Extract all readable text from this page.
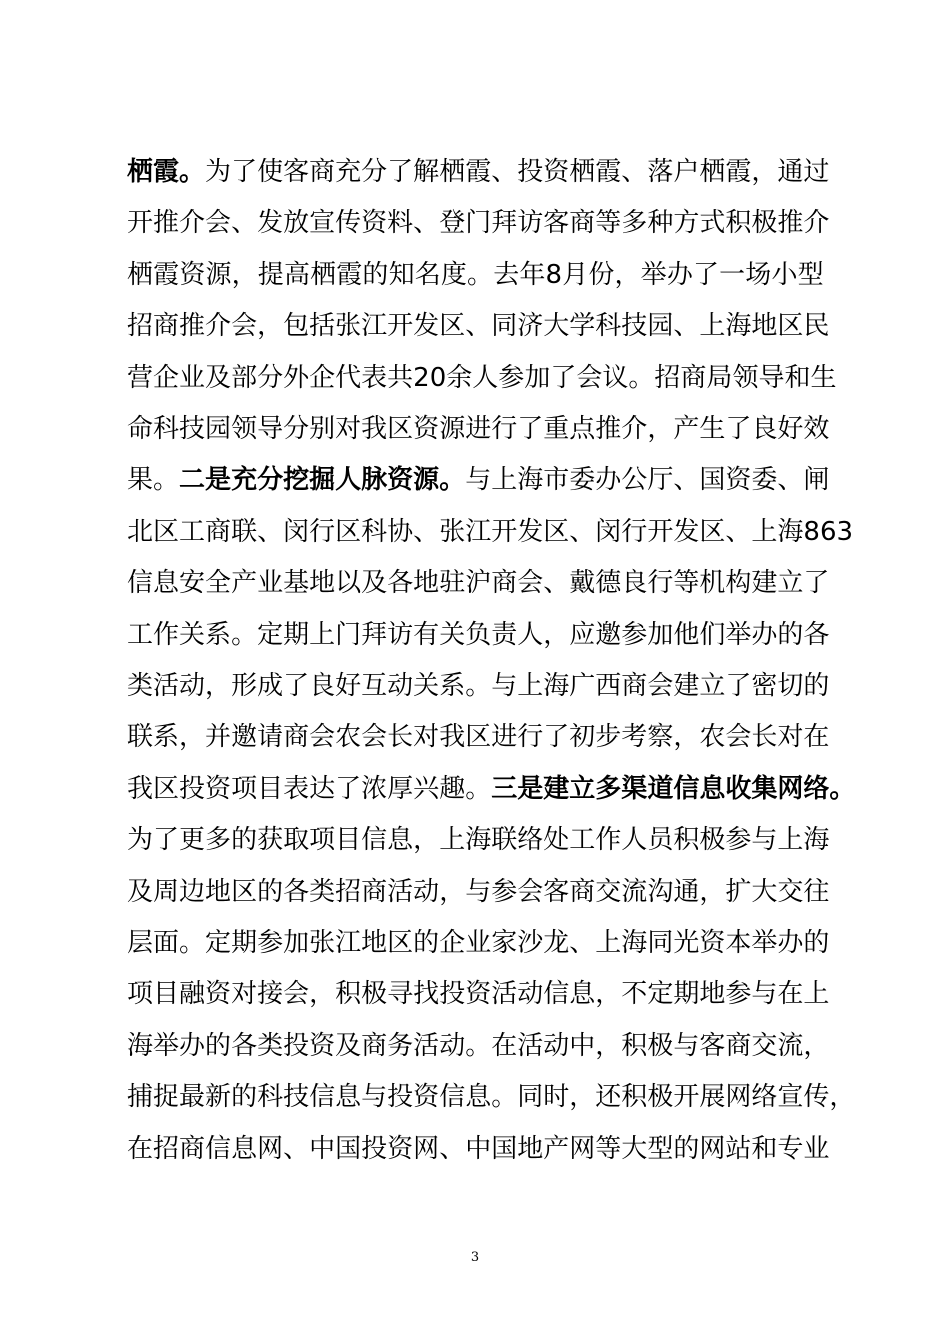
栖 霞 。 为 了 使 客 商 充 分 了 解 栖 霞 、 投 资 栖 霞 、 落 户 栖 霞 ， 通 过
开 推 介 会 、 发 放 宣 传 资 料 、 登 门 拜 访 客 商 等 多 种 方 式 积 极 推 介
栖 霞 资 源 ， 提 高 栖 霞 的 知 名 度 。 去 年 8 月 份 ， 举 办 了 一 场 小 型
招 商 推 介 会 ， 包 括 张 江 开 发 区 、 同 济 大 学 科 技 园 、 上 海 地 区 民
营 企 业 及 部 分 外 企 代 表 共 20 余 人 参 加 了 会 议 。 招 商 局 领 导 和 生
命 科 技 园 领 导 分 别 对 我 区 资 源 进 行 了 重 点 推 介 ， 产 生 了 良 好 效
果 。 二 是 充 分 挖 掘 人 脉 资 源 。 与 上 海 市 委 办 公 厅 、 国 资 委 、 闸
北 区 工 商 联 、 闵 行 区 科 协 、 张 江 开 发 区 、 闵 行 开 发 区 、 上 海 863
信 息 安 全 产 业 基 地 以 及 各 地 驻 沪 商 会 、 戴 德 良 行 等 机 构 建 立 了
工 作 关 系 。 定 期 上 门 拜 访 有 关 负 责 人 ， 应 邀 参 加 他 们 举 办 的 各
类 活 动 ， 形 成 了 良 好 互 动 关 系 。 与 上 海 广 西 商 会 建 立 了 密 切 的
联 系 ， 并 邀 请 商 会 农 会 长 对 我 区 进 行 了 初 步 考 察 ， 农 会 长 对 在
我 区 投 资 项 目 表 达 了 浓 厚 兴 趣 。 三 是 建 立 多 渠 道 信 息 收 集 网 络 。
为 了 更 多 的 获 取 项 目 信 息 ， 上 海 联 络 处 工 作 人 员 积 极 参 与 上 海
及 周 边 地 区 的 各 类 招 商 活 动 ， 与 参 会 客 商 交 流 沟 通 ， 扩 大 交 往
层 面 。 定 期 参 加 张 江 地 区 的 企 业 家 沙 龙 、 上 海 同 光 资 本 举 办 的
项 目 融 资 对 接 会 ， 积 极 寻 找 投 资 活 动 信 息 ， 不 定 期 地 参 与 在 上
海 举 办 的 各 类 投 资 及 商 务 活 动 。 在 活 动 中 ， 积 极 与 客 商 交 流 ，
捕 捉 最 新 的 科 技 信 息 与 投 资 信 息 。 同 时 ， 还 积 极 开 展 网 络 宣 传 ，
在 招 商 信 息 网 、 中 国 投 资 网 、 中 国 地 产 网 等 大 型 的 网 站 和 专 业
3
